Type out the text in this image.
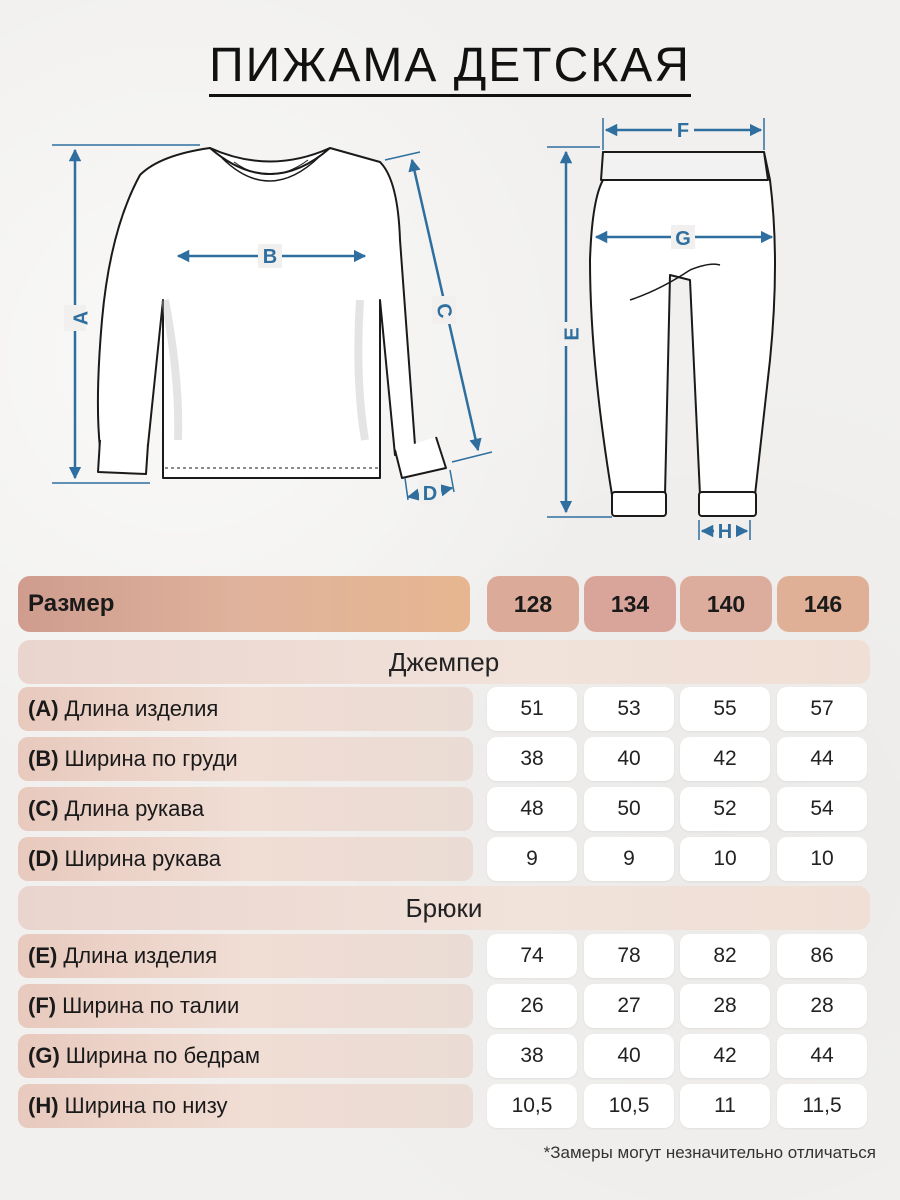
ПИЖАМА ДЕТСКАЯ
A
B
C
D
E
F
G
H
Размер	128	134	140	146
Джемпер
(A) Длина изделия	51	53	55	57
(B) Ширина по груди	38	40	42	44
(C) Длина рукава	48	50	52	54
(D) Ширина рукава	9	9	10	10
Брюки
(E) Длина изделия	74	78	82	86
(F) Ширина по талии	26	27	28	28
(G) Ширина по бедрам	38	40	42	44
(H) Ширина по низу	10,5	10,5	11	11,5
*Замеры могут незначительно отличаться
